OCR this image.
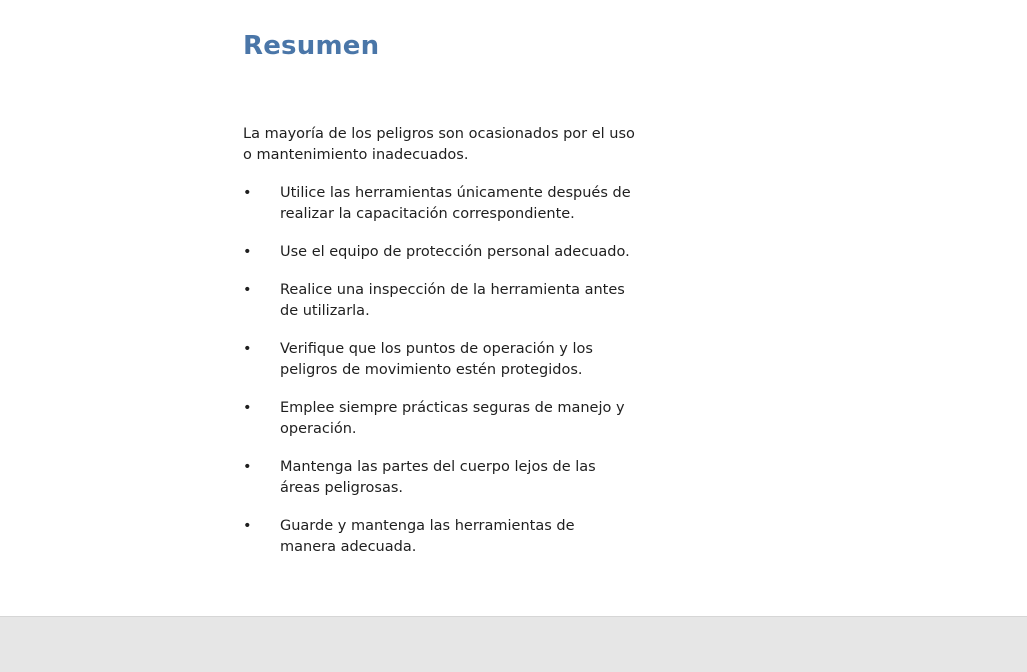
Resumen

La mayoría de los peligros son ocasionados por el uso o mantenimiento inadecuados.

• Utilice las herramientas únicamente después de realizar la capacitación correspondiente.
• Use el equipo de protección personal adecuado.
• Realice una inspección de la herramienta antes de utilizarla.
• Verifique que los puntos de operación y los peligros de movimiento estén protegidos.
• Emplee siempre prácticas seguras de manejo y operación.
• Mantenga las partes del cuerpo lejos de las áreas peligrosas.
• Guarde y mantenga las herramientas de manera adecuada.
